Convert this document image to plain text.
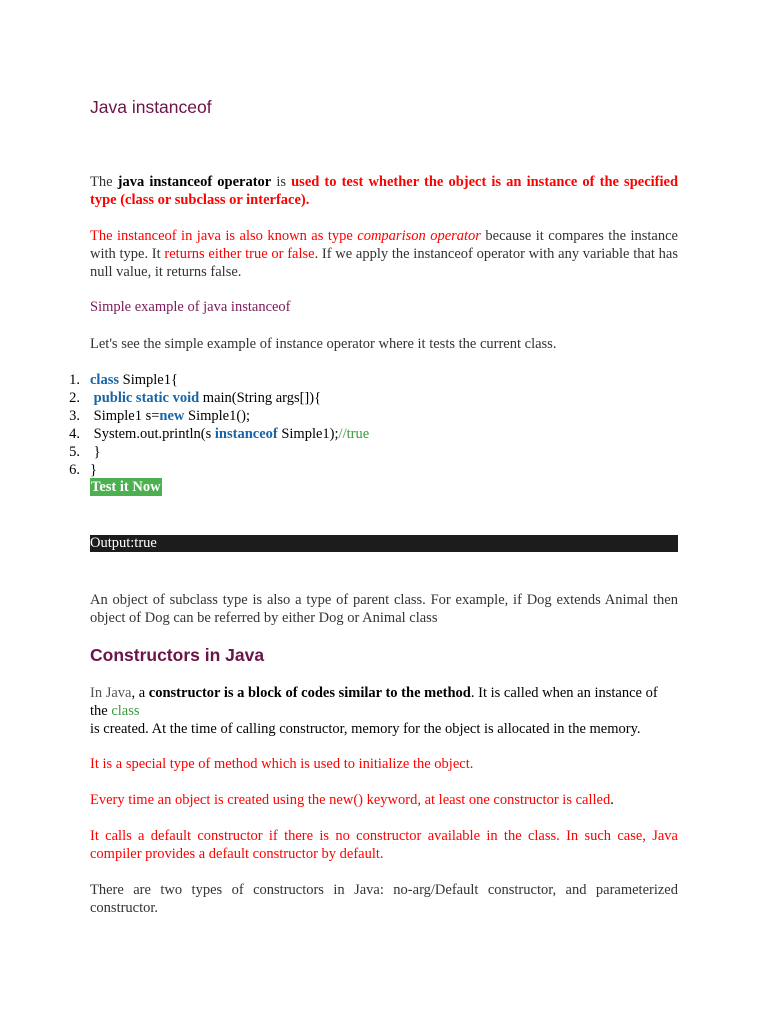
Java instanceof
The java instanceof operator is used to test whether the object is an instance of the specified type (class or subclass or interface).
The instanceof in java is also known as type comparison operator because it compares the instance with type. It returns either true or false. If we apply the instanceof operator with any variable that has null value, it returns false.
Simple example of java instanceof
Let's see the simple example of instance operator where it tests the current class.
Test it Now
Output:true
An object of subclass type is also a type of parent class. For example, if Dog extends Animal then object of Dog can be referred by either Dog or Animal class
Constructors in Java
In Java, a constructor is a block of codes similar to the method. It is called when an instance of the class
is created. At the time of calling constructor, memory for the object is allocated in the memory.
It is a special type of method which is used to initialize the object.
Every time an object is created using the new() keyword, at least one constructor is called.
It calls a default constructor if there is no constructor available in the class. In such case, Java compiler provides a default constructor by default.
There are two types of constructors in Java: no-arg/Default constructor, and parameterized constructor.
1. class Simple1{
2. public static void main(String args[]){
3. Simple1 s=new Simple1();
4. System.out.println(s instanceof Simple1);//true
5. }
6. }
